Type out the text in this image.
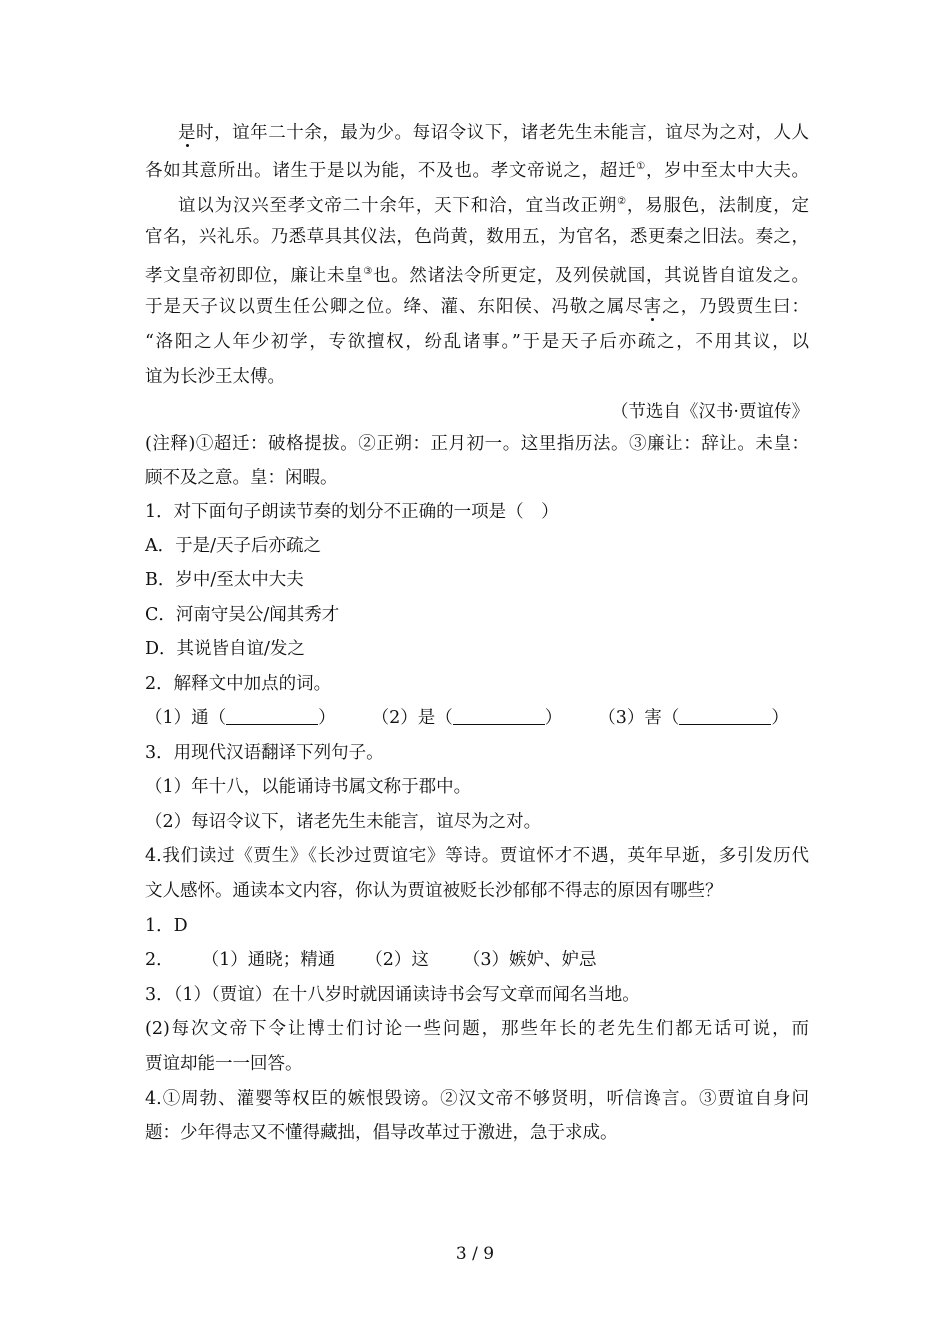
是时，谊年二十余，最为少。每诏令议下，诸老先生未能言，谊尽为之对，人人
各如其意所出。诸生于是以为能，不及也。孝文帝说之，超迁①，岁中至太中大夫。
谊以为汉兴至孝文帝二十余年，天下和洽，宜当改正朔②，易服色，法制度，定
官名，兴礼乐。乃悉草具其仪法，色尚黄，数用五，为官名，悉更秦之旧法。奏之，
孝文皇帝初即位，廉让未皇③也。然诸法令所更定，及列侯就国，其说皆自谊发之。
于是天子议以贾生任公卿之位。绛、灌、东阳侯、冯敬之属尽害之，乃毁贾生曰：
“洛阳之人年少初学，专欲擅权，纷乱诸事。”于是天子后亦疏之，不用其议，以
谊为长沙王太傅。
（节选自《汉书·贾谊传》
(注释)①超迁：破格提拔。②正朔：正月初一。这里指历法。③廉让：辞让。未皇：
顾不及之意。皇：闲暇。
1．对下面句子朗读节奏的划分不正确的一项是（　）
A．于是/天子后亦疏之
B．岁中/至太中大夫
C．河南守吴公/闻其秀才
D．其说皆自谊/发之
2．解释文中加点的词。
（1）通（	） （2）是（	） （3）害（	）
3．用现代汉语翻译下列句子。
（1）年十八，以能诵诗书属文称于郡中。
（2）每诏令议下，诸老先生未能言，谊尽为之对。
4.我们读过《贾生》《长沙过贾谊宅》等诗。贾谊怀才不遇，英年早逝，多引发历代
文人感怀。通读本文内容，你认为贾谊被贬长沙郁郁不得志的原因有哪些？
1．D
2． （1）通晓；精通 （2）这 （3）嫉妒、妒忌
3．（1）（贾谊）在十八岁时就因诵读诗书会写文章而闻名当地。
(2)每次文帝下令让博士们讨论一些问题，那些年长的老先生们都无话可说，而
贾谊却能一一回答。
4.①周勃、灌婴等权臣的嫉恨毁谤。②汉文帝不够贤明，听信谗言。③贾谊自身问
题：少年得志又不懂得藏拙，倡导改革过于激进，急于求成。
3 / 9
